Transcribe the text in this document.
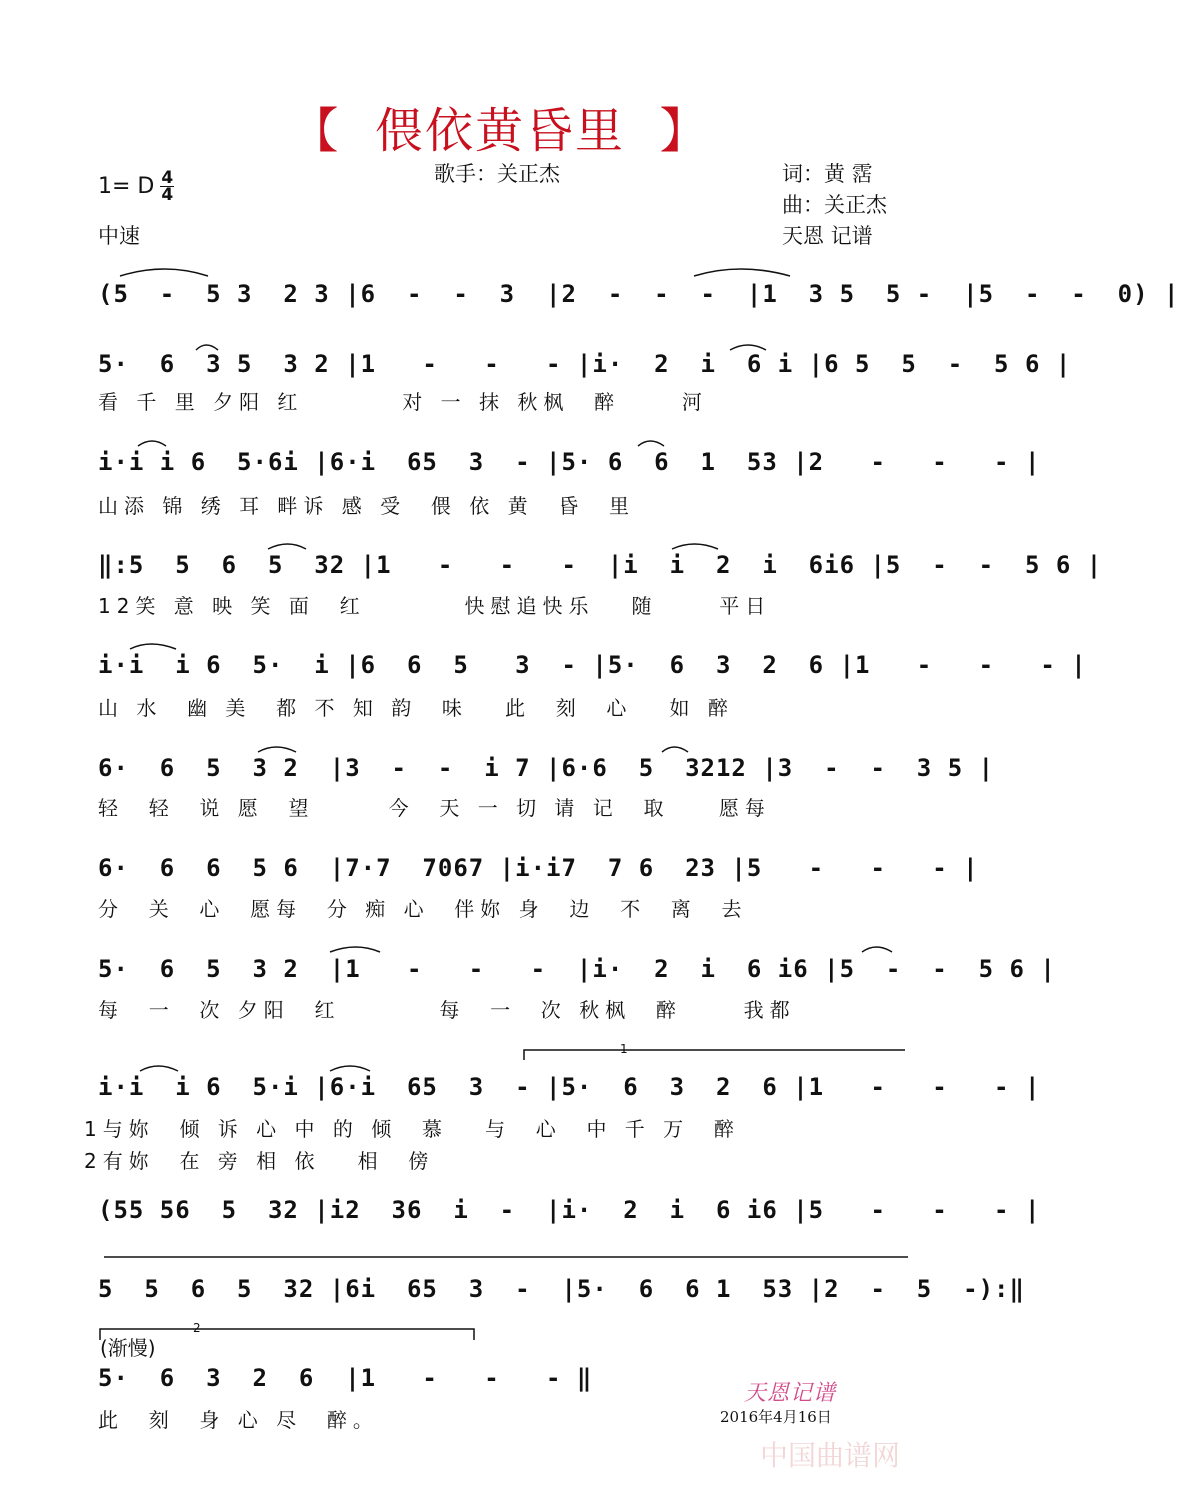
【  偎依黄昏里  】
歌手：关正杰
1= D $\frac{4}{4}$
中速
词：黄 霑
曲：关正杰
天恩 记谱
(5  -  5 3  2 3 |6  -  -  3  |2  -  -  -  |1  3 5  5 -  |5  -  -  0) |
5·  6  3 5  3 2 |1   -   -   - |i·  2  i  6 i |6 5  5  -  5 6 |
看 千 里 夕阳 红        对 一 抹 秋枫  醉     河
i·i i 6  5·6i |6·i  65  3  - |5· 6  6  1  53 |2   -   -   - |
山添 锦 绣 耳 畔诉 感 受  偎 依 黄  昏  里
‖:5  5  6  5  32 |1   -   -   -  |i  i  2  i  6i6 |5  -  -  5 6 |
12笑 意 映 笑 面  红        快慰追快乐   随     平日
i·i  i 6  5·  i |6  6  5   3  - |5·  6  3  2  6 |1   -   -   - |
山 水  幽 美  都 不 知 韵  味   此  刻  心   如 醉
6·  6  5  3 2  |3  -  -  i 7 |6·6  5  3212 |3  -  -  3 5 |
轻  轻  说 愿  望      今  天 一 切 请 记  取    愿每
6·  6  6  5 6  |7·7  7067 |i·i7  7 6  23 |5   -   -   - |
分  关  心  愿每  分 痴 心  伴妳 身  边  不  离  去
5·  6  5  3 2  |1   -   -   -  |i·  2  i  6 i6 |5  -  -  5 6 |
每  一  次 夕阳  红        每  一  次 秋枫  醉     我都
i·i  i 6  5·i |6·i  65  3  - |5·  6  3  2  6 |1   -   -   - |
1与妳  倾 诉 心 中 的 倾  慕   与  心  中 千 万  醉
2有妳  在 旁 相 依   相  傍
(55 56  5  32 |i2  36  i  -  |i·  2  i  6 i6 |5   -   -   - |
5  5  6  5  32 |6i  65  3  -  |5·  6  6 1  53 |2  -  5  -):‖
(渐慢)
2
1
5·  6  3  2  6  |1   -   -   - ‖
此  刻  身 心 尽  醉。
天恩记谱
2016年4月16日
中国曲谱网
